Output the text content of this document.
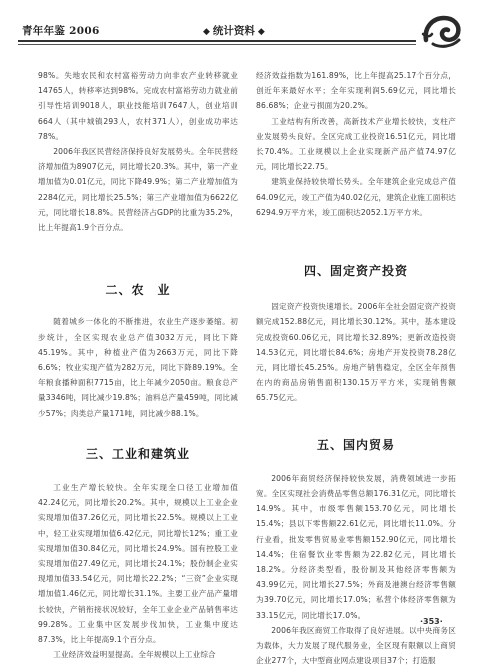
青年年鉴 2006	◆ 统计资料 ◆

98%。失地农民和农村富裕劳动力向非农产业转移就业14765人，转移率达到98%。完成农村富裕劳动力就业前引导性培训9018人，职业技能培训7647人，创业培训664人（其中城镇293人，农村371人），创业成功率达78%。

2006年我区民营经济保持良好发展势头。全年民营经济增加值为8907亿元，同比增长20.3%。其中，第一产业增加值为0.01亿元，同比下降49.9%；第二产业增加值为2284亿元，同比增长25.5%；第三产业增加值为6622亿元，同比增长18.8%。民营经济占GDP的比重为35.2%，比上年提高1.9个百分点。

二、农　业

随着城乡一体化的不断推进，农业生产逐步萎缩。初步统计，全区实现农业总产值3032万元，同比下降45.19%。其中，种植业产值为2663万元，同比下降6.6%；牧业实现产值为282万元，同比下降89.19%。全年粮食播种面积7715亩，比上年减少2050亩。粮食总产量3346吨，同比减少19.8%；油料总产量459吨，同比减少57%；肉类总产量171吨，同比减少88.1%。

三、工业和建筑业

工业生产增长较快。全年实现全口径工业增加值42.24亿元，同比增长20.2%。其中，规模以上工业企业实现增加值37.26亿元，同比增长22.5%。规模以上工业中，轻工业实现增加值6.42亿元，同比增长12%；重工业实现增加值30.84亿元，同比增长24.9%。国有控股工业实现增加值27.49亿元，同比增长24.1%；股份制企业实现增加值33.54亿元，同比增长22.2%；“三资”企业实现增加值1.46亿元，同比增长31.1%。主要工业产品产量增长较快，产销衔接状况较好，全年工业企业产品销售率达99.28%。工业集中区发展步伐加快，工业集中度达87.3%，比上年提高9.1个百分点。

工业经济效益明显提高。全年规模以上工业综合

经济效益指数为161.89%，比上年提高25.17个百分点，创近年来最好水平；全年实现利润5.69亿元，同比增长86.68%；企业亏损面为20.2%。

工业结构有所改善，高新技术产业增长较快，支柱产业发展势头良好。全区完成工业投资16.51亿元，同比增长70.4%。工业规模以上企业实现新产品产值74.97亿元，同比增长22.75。

建筑业保持较快增长势头。全年建筑企业完成总产值64.09亿元，竣工产值为40.02亿元，建筑企业施工面积达6294.9万平方米，竣工面积达2052.1万平方米。

四、固定资产投资

固定资产投资快速增长。2006年全社会固定资产投资额完成152.88亿元，同比增长30.12%。其中，基本建设完成投资60.06亿元，同比增长32.89%；更新改造投资14.53亿元，同比增长84.6%；房地产开发投资78.28亿元，同比增长45.25%。房地产销售稳定，全区全年预售在内的商品房销售面积130.15万平方米，实现销售额65.75亿元。

五、国内贸易

2006年商贸经济保持较快发展，消费领域进一步拓宽。全区实现社会消费品零售总额176.31亿元，同比增长14.9%。其中，市级零售额153.70亿元，同比增长15.4%；县以下零售额22.61亿元，同比增长11.0%。分行业看，批发零售贸易业零售额152.90亿元，同比增长14.4%；住宿餐饮业零售额为22.82亿元，同比增长18.2%。分经济类型看，股份制及其他经济零售额为43.99亿元，同比增长27.5%；外商及港澳台经济零售额为39.70亿元，同比增长17.0%；私营个体经济零售额为33.15亿元，同比增长17.0%。

2006年我区商贸工作取得了良好进展。以中央商务区为载体，大力发展了现代服务业，全区现有限额以上商贸企业277个，大中型商业网点建设项目37个；打造服

·353·
